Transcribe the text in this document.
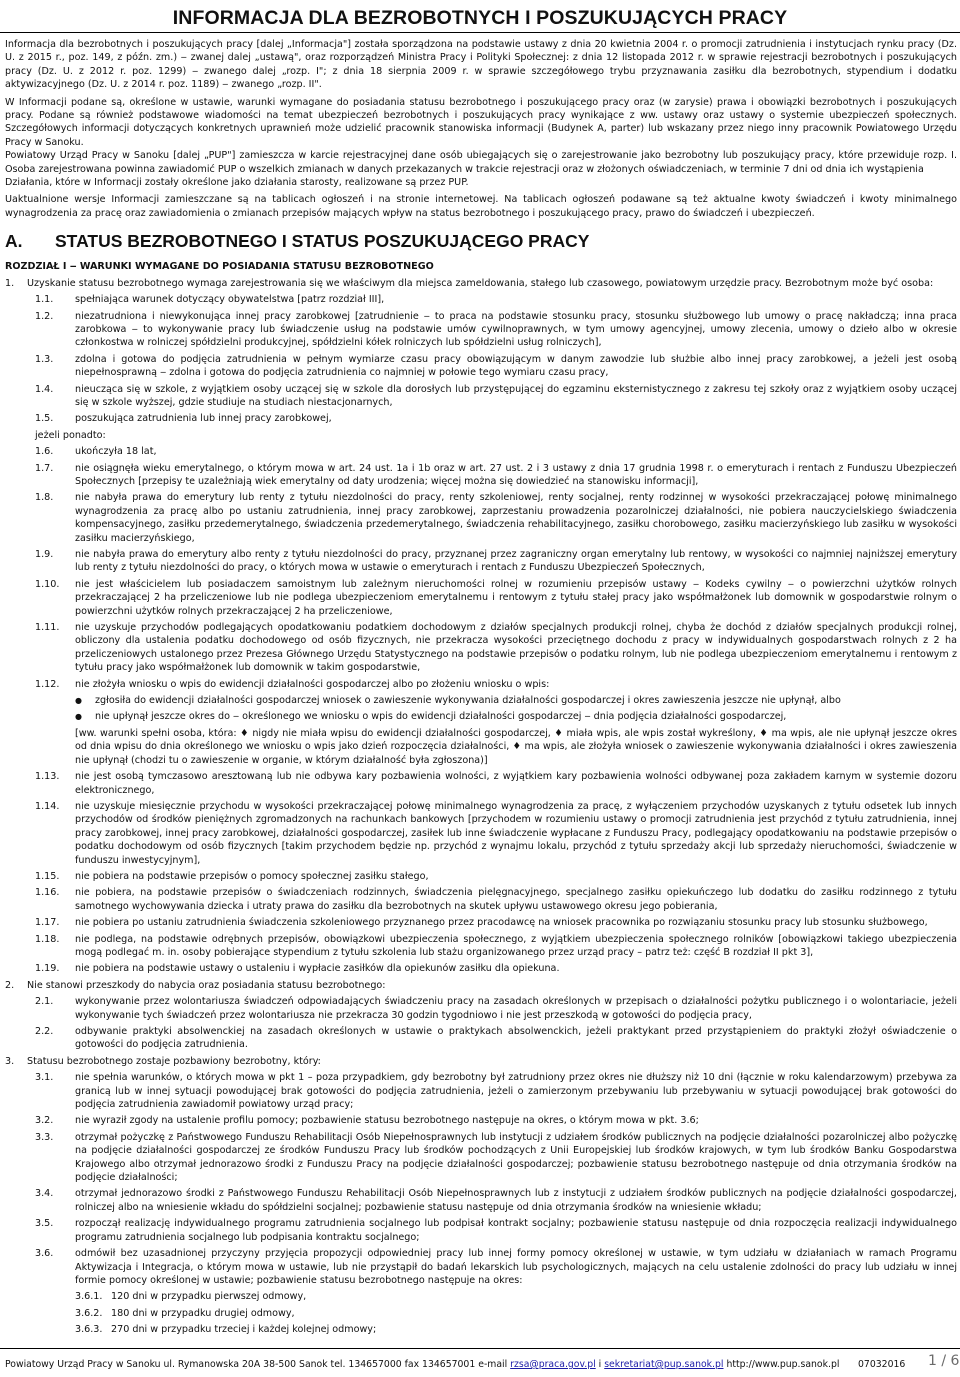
INFORMACJA DLA BEZROBOTNYCH I POSZUKUJĄCYCH PRACY

Informacja dla bezrobotnych i poszukujących pracy [dalej „Informacja"] została sporządzona na podstawie ustawy z dnia 20 kwietnia 2004 r. o promocji zatrudnienia i instytucjach rynku pracy (Dz. U. z 2015 r., poz. 149, z późn. zm.) ‒ zwanej dalej „ustawą", oraz rozporządzeń Ministra Pracy i Polityki Społecznej: z dnia 12 listopada 2012 r. w sprawie rejestracji bezrobotnych i poszukujących pracy (Dz. U. z 2012 r. poz. 1299) ‒ zwanego dalej „rozp. I"; z dnia 18 sierpnia 2009 r. w sprawie szczegółowego trybu przyznawania zasiłku dla bezrobotnych, stypendium i dodatku aktywizacyjnego (Dz. U. z 2014 r. poz. 1189) ‒ zwanego „rozp. II".

W Informacji podane są, określone w ustawie, warunki wymagane do posiadania statusu bezrobotnego i poszukującego pracy oraz (w zarysie) prawa i obowiązki bezrobotnych i poszukujących pracy. Podane są również podstawowe wiadomości na temat ubezpieczeń bezrobotnych i poszukujących pracy wynikające z ww. ustawy oraz ustawy o systemie ubezpieczeń społecznych. Szczegółowych informacji dotyczących konkretnych uprawnień może udzielić pracownik stanowiska informacji (Budynek A, parter) lub wskazany przez niego inny pracownik Powiatowego Urzędu Pracy w Sanoku.

Powiatowy Urząd Pracy w Sanoku [dalej „PUP"] zamieszcza w karcie rejestracyjnej dane osób ubiegających się o zarejestrowanie jako bezrobotny lub poszukujący pracy, które przewiduje rozp. I. Osoba zarejestrowana powinna zawiadomić PUP o wszelkich zmianach w danych przekazanych w trakcie rejestracji oraz w złożonych oświadczeniach, w terminie 7 dni od dnia ich wystąpienia

Działania, które w Informacji zostały określone jako działania starosty, realizowane są przez PUP.

Uaktualnione wersje Informacji zamieszczane są na tablicach ogłoszeń i na stronie internetowej. Na tablicach ogłoszeń podawane są też aktualne kwoty świadczeń i kwoty minimalnego wynagrodzenia za pracę oraz zawiadomienia o zmianach przepisów mających wpływ na status bezrobotnego i poszukującego pracy, prawo do świadczeń i ubezpieczeń.

A. STATUS BEZROBOTNEGO I STATUS POSZUKUJĄCEGO PRACY
ROZDZIAŁ I ‒ WARUNKI WYMAGANE DO POSIADANIA STATUSU BEZROBOTNEGO
1.	Uzyskanie statusu bezrobotnego wymaga zarejestrowania się we właściwym dla miejsca zameldowania, stałego lub czasowego, powiatowym urzędzie pracy. Bezrobotnym może być osoba:
1.1.	spełniająca warunek dotyczący obywatelstwa [patrz rozdział III],
1.2.	niezatrudniona i niewykonująca innej pracy zarobkowej [zatrudnienie ‒ to praca na podstawie stosunku pracy, stosunku służbowego lub umowy o pracę nakładczą; inna praca zarobkowa ‒ to wykonywanie pracy lub świadczenie usług na podstawie umów cywilnoprawnych, w tym umowy agencyjnej, umowy zlecenia, umowy o dzieło albo w okresie członkostwa w rolniczej spółdzielni produkcyjnej, spółdzielni kółek rolniczych lub spółdzielni usług rolniczych],
1.3.	zdolna i gotowa do podjęcia zatrudnienia w pełnym wymiarze czasu pracy obowiązującym w danym zawodzie lub służbie albo innej pracy zarobkowej, a jeżeli jest osobą niepełnosprawną ‒ zdolna i gotowa do podjęcia zatrudnienia co najmniej w połowie tego wymiaru czasu pracy,
1.4.	nieucząca się w szkole, z wyjątkiem osoby uczącej się w szkole dla dorosłych lub przystępującej do egzaminu eksternistycznego z zakresu tej szkoły oraz z wyjątkiem osoby uczącej się w szkole wyższej, gdzie studiuje na studiach niestacjonarnych,
1.5.	poszukująca zatrudnienia lub innej pracy zarobkowej,
jeżeli ponadto:
1.6.	ukończyła 18 lat,
1.7.	nie osiągnęła wieku emerytalnego, o którym mowa w art. 24 ust. 1a i 1b oraz w art. 27 ust. 2 i 3 ustawy z dnia 17 grudnia 1998 r. o emeryturach i rentach z Funduszu Ubezpieczeń Społecznych [przepisy te uzależniają wiek emerytalny od daty urodzenia; więcej można się dowiedzieć na stanowisku informacji],
1.8.	nie nabyła prawa do emerytury lub renty z tytułu niezdolności do pracy, renty szkoleniowej, renty socjalnej, renty rodzinnej w wysokości przekraczającej połowę minimalnego wynagrodzenia za pracę albo po ustaniu zatrudnienia, innej pracy zarobkowej, zaprzestaniu prowadzenia pozarolniczej działalności, nie pobiera nauczycielskiego świadczenia kompensacyjnego, zasiłku przedemerytalnego, świadczenia przedemerytalnego, świadczenia rehabilitacyjnego, zasiłku chorobowego, zasiłku macierzyńskiego lub zasiłku w wysokości zasiłku macierzyńskiego,
1.9.	nie nabyła prawa do emerytury albo renty z tytułu niezdolności do pracy, przyznanej przez zagraniczny organ emerytalny lub rentowy, w wysokości co najmniej najniższej emerytury lub renty z tytułu niezdolności do pracy, o których mowa w ustawie o emeryturach i rentach z Funduszu Ubezpieczeń Społecznych,
1.10.	nie jest właścicielem lub posiadaczem samoistnym lub zależnym nieruchomości rolnej w rozumieniu przepisów ustawy ‒ Kodeks cywilny ‒ o powierzchni użytków rolnych przekraczającej 2 ha przeliczeniowe lub nie podlega ubezpieczeniom emerytalnemu i rentowym z tytułu stałej pracy jako współmałżonek lub domownik w gospodarstwie rolnym o powierzchni użytków rolnych przekraczającej 2 ha przeliczeniowe,
1.11.	nie uzyskuje przychodów podlegających opodatkowaniu podatkiem dochodowym z działów specjalnych produkcji rolnej, chyba że dochód z działów specjalnych produkcji rolnej, obliczony dla ustalenia podatku dochodowego od osób fizycznych, nie przekracza wysokości przeciętnego dochodu z pracy w indywidualnych gospodarstwach rolnych z 2 ha przeliczeniowych ustalonego przez Prezesa Głównego Urzędu Statystycznego na podstawie przepisów o podatku rolnym, lub nie podlega ubezpieczeniom emerytalnemu i rentowym z tytułu pracy jako współmałżonek lub domownik w takim gospodarstwie,
1.12.	nie złożyła wniosku o wpis do ewidencji działalności gospodarczej albo po złożeniu wniosku o wpis:
●	zgłosiła do ewidencji działalności gospodarczej wniosek o zawieszenie wykonywania działalności gospodarczej i okres zawieszenia jeszcze nie upłynął, albo
●	nie upłynął jeszcze okres do ‒ określonego we wniosku o wpis do ewidencji działalności gospodarczej ‒ dnia podjęcia działalności gospodarczej,
[ww. warunki spełni osoba, która: ♦ nigdy nie miała wpisu do ewidencji działalności gospodarczej, ♦ miała wpis, ale wpis został wykreślony, ♦ ma wpis, ale nie upłynął jeszcze okres od dnia wpisu do dnia określonego we wniosku o wpis jako dzień rozpoczęcia działalności, ♦ ma wpis, ale złożyła wniosek o zawieszenie wykonywania działalności i okres zawieszenia nie upłynął (chodzi tu o zawieszenie w organie, w którym działalność była zgłoszona)]
1.13.	nie jest osobą tymczasowo aresztowaną lub nie odbywa kary pozbawienia wolności, z wyjątkiem kary pozbawienia wolności odbywanej poza zakładem karnym w systemie dozoru elektronicznego,
1.14.	nie uzyskuje miesięcznie przychodu w wysokości przekraczającej połowę minimalnego wynagrodzenia za pracę, z wyłączeniem przychodów uzyskanych z tytułu odsetek lub innych przychodów od środków pieniężnych zgromadzonych na rachunkach bankowych [przychodem w rozumieniu ustawy o promocji zatrudnienia jest przychód z tytułu zatrudnienia, innej pracy zarobkowej, innej pracy zarobkowej, działalności gospodarczej, zasiłek lub inne świadczenie wypłacane z Funduszu Pracy, podlegający opodatkowaniu na podstawie przepisów o podatku dochodowym od osób fizycznych [takim przychodem będzie np. przychód z wynajmu lokalu, przychód z tytułu sprzedaży akcji lub sprzedaży nieruchomości, świadczenie w funduszu inwestycyjnym],
1.15.	nie pobiera na podstawie przepisów o pomocy społecznej zasiłku stałego,
1.16.	nie pobiera, na podstawie przepisów o świadczeniach rodzinnych, świadczenia pielęgnacyjnego, specjalnego zasiłku opiekuńczego lub dodatku do zasiłku rodzinnego z tytułu samotnego wychowywania dziecka i utraty prawa do zasiłku dla bezrobotnych na skutek upływu ustawowego okresu jego pobierania,
1.17.	nie pobiera po ustaniu zatrudnienia świadczenia szkoleniowego przyznanego przez pracodawcę na wniosek pracownika po rozwiązaniu stosunku pracy lub stosunku służbowego,
1.18.	nie podlega, na podstawie odrębnych przepisów, obowiązkowi ubezpieczenia społecznego, z wyjątkiem ubezpieczenia społecznego rolników [obowiązkowi takiego ubezpieczenia mogą podlegać m. in. osoby pobierające stypendium z tytułu szkolenia lub stażu organizowanego przez urząd pracy – patrz też: część B rozdział II pkt 3],
1.19.	nie pobiera na podstawie ustawy o ustaleniu i wypłacie zasiłków dla opiekunów zasiłku dla opiekuna.
2.	Nie stanowi przeszkody do nabycia oraz posiadania statusu bezrobotnego:
2.1.	wykonywanie przez wolontariusza świadczeń odpowiadających świadczeniu pracy na zasadach określonych w przepisach o działalności pożytku publicznego i o wolontariacie, jeżeli wykonywanie tych świadczeń przez wolontariusza nie przekracza 30 godzin tygodniowo i nie jest przeszkodą w gotowości do podjęcia pracy,
2.2.	odbywanie praktyki absolwenckiej na zasadach określonych w ustawie o praktykach absolwenckich, jeżeli praktykant przed przystąpieniem do praktyki złożył oświadczenie o gotowości do podjęcia zatrudnienia.
3.	Statusu bezrobotnego zostaje pozbawiony bezrobotny, który:
3.1.	nie spełnia warunków, o których mowa w pkt 1 – poza przypadkiem, gdy bezrobotny był zatrudniony przez okres nie dłuższy niż 10 dni (łącznie w roku kalendarzowym) przebywa za granicą lub w innej sytuacji powodującej brak gotowości do podjęcia zatrudnienia, jeżeli o zamierzonym przebywaniu lub przebywaniu w sytuacji powodującej brak gotowości do podjęcia zatrudnienia zawiadomił powiatowy urząd pracy;
3.2.	nie wyraził zgody na ustalenie profilu pomocy; pozbawienie statusu bezrobotnego następuje na okres, o którym mowa w pkt. 3.6;
3.3.	otrzymał pożyczkę z Państwowego Funduszu Rehabilitacji Osób Niepełnosprawnych lub instytucji z udziałem środków publicznych na podjęcie działalności pozarolniczej albo pożyczkę na podjęcie działalności gospodarczej ze środków Funduszu Pracy lub środków pochodzących z Unii Europejskiej lub środków krajowych, w tym lub środków Banku Gospodarstwa Krajowego albo otrzymał jednorazowo środki z Funduszu Pracy na podjęcie działalności gospodarczej; pozbawienie statusu bezrobotnego następuje od dnia otrzymania środków na podjęcie działalności;
3.4.	otrzymał jednorazowo środki z Państwowego Funduszu Rehabilitacji Osób Niepełnosprawnych lub z instytucji z udziałem środków publicznych na podjęcie działalności gospodarczej, rolniczej albo na wniesienie wkładu do spółdzielni socjalnej; pozbawienie statusu następuje od dnia otrzymania środków na wniesienie wkładu;
3.5.	rozpoczął realizację indywidualnego programu zatrudnienia socjalnego lub podpisał kontrakt socjalny; pozbawienie statusu następuje od dnia rozpoczęcia realizacji indywidualnego programu zatrudnienia socjalnego lub podpisania kontraktu socjalnego;
3.6.	odmówił bez uzasadnionej przyczyny przyjęcia propozycji odpowiedniej pracy lub innej formy pomocy określonej w ustawie, w tym udziału w działaniach w ramach Programu Aktywizacja i Integracja, o którym mowa w ustawie, lub nie przystąpił do badań lekarskich lub psychologicznych, mających na celu ustalenie zdolności do pracy lub udziału w innej formie pomocy określonej w ustawie; pozbawienie statusu bezrobotnego następuje na okres:
3.6.1. 120 dni w przypadku pierwszej odmowy,
3.6.2. 180 dni w przypadku drugiej odmowy,
3.6.3. 270 dni w przypadku trzeciej i każdej kolejnej odmowy;
Powiatowy Urząd Pracy w Sanoku ul. Rymanowska 20A 38-500 Sanok tel. 134657000 fax 134657001 e-mail rzsa@praca.gov.pl i sekretariat@pup.sanok.pl http://www.pup.sanok.pl 07032016 1 / 6
